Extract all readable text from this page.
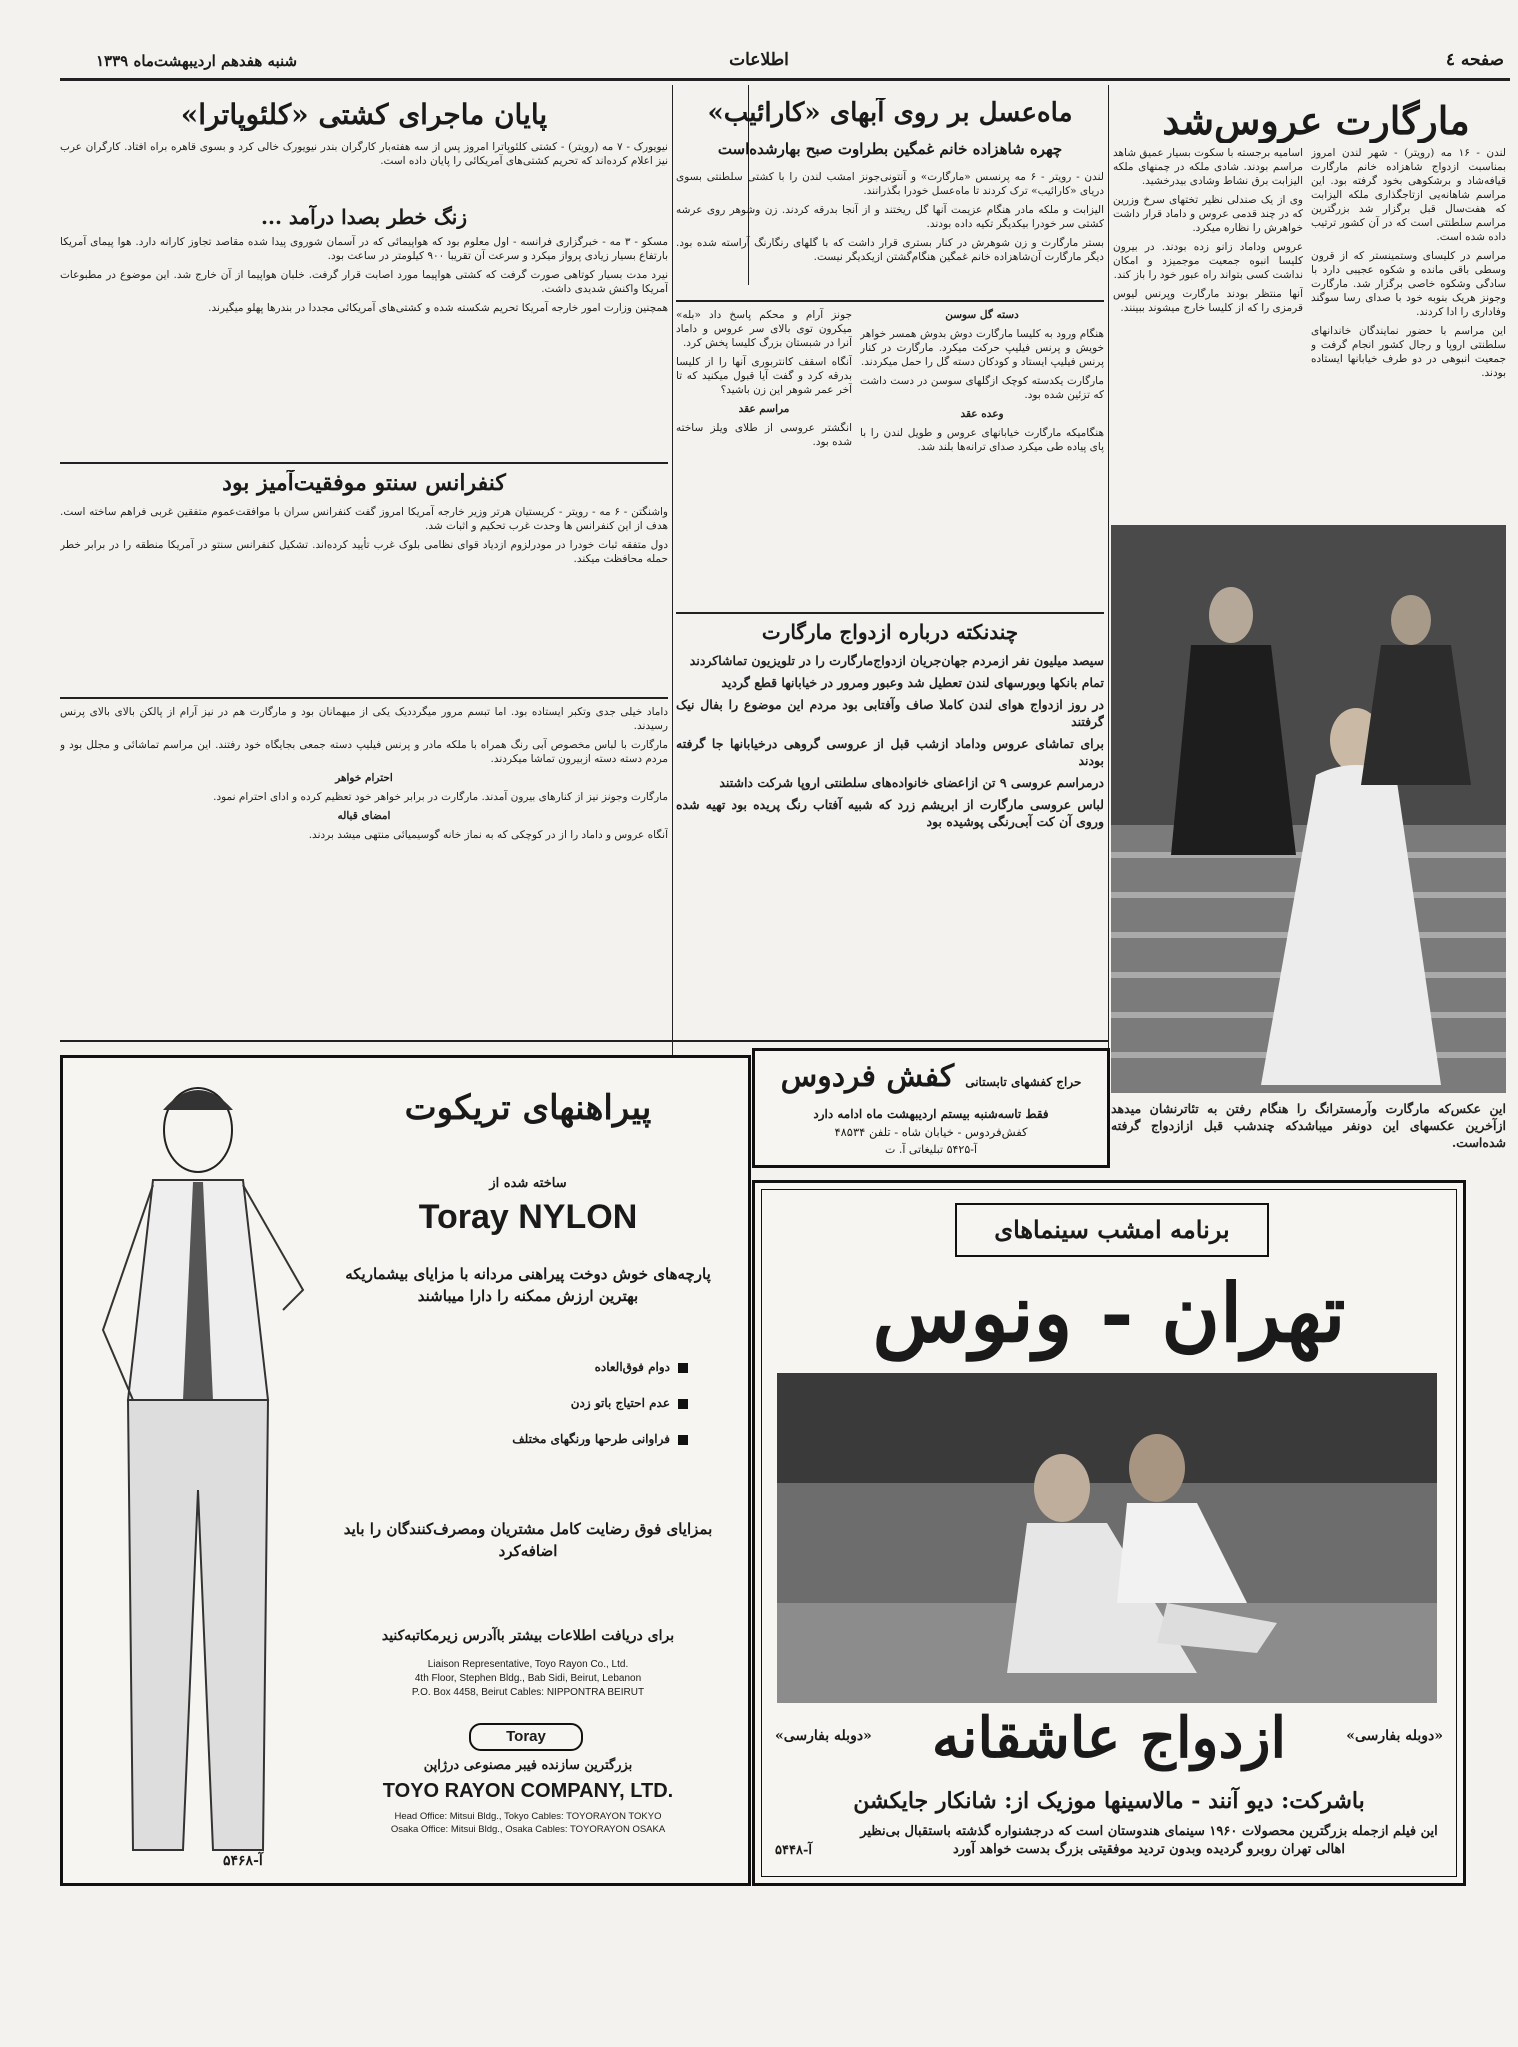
صفحه ٤
اطلاعات
شنبه هفدهم اردیبهشت‌ماه ۱۳۳۹
مارگارت عروس‌شد

لندن - ۱۶ مه (رویتر) - شهر لندن امروز بمناسبت ازدواج شاهزاده خانم مارگارت قیافه‌شاد و برشکوهی بخود گرفته بود. این مراسم شاهانه‌یی ازتاجگذاری ملکه الیزابت که هفت‌سال قبل برگزار شد بزرگترین مراسم سلطنتی است که در آن کشور ترتیب داده شده است.

مراسم در کلیسای وستمینستر که از قرون وسطی باقی مانده و شکوه عجیبی دارد با سادگی وشکوه خاصی برگزار شد. مارگارت وجونز هریک بنوبه خود با صدای رسا سوگند وفاداری را ادا کردند.

این مراسم با حضور نمایندگان خاندانهای سلطنتی اروپا و رجال کشور انجام گرفت و جمعیت انبوهی در دو طرف خیابانها ایستاده بودند.

اسامیه برجسته با سکوت بسیار عمیق شاهد مراسم بودند. شادی ملکه در چمنهای ملکه الیزابت برق نشاط وشادی بیدرخشید.

وی از یک صندلی نظیر تختهای سرخ وزرین که در چند قدمی عروس و داماد قرار داشت خواهرش را نظاره میکرد.

عروس وداماد زانو زده بودند. در بیرون کلیسا انبوه جمعیت موجمیزد و امکان نداشت کسی بتواند راه عبور خود را باز کند.

آنها منتظر بودند مارگارت وپرنس لیوس قرمزی را که از کلیسا خارج میشوند ببینند.

این عکس‌که مارگارت وآرمسترانگ را هنگام رفتن به تئاترنشان میدهد ازآخرین عکسهای این دونفر میباشدکه چندشب قبل ازازدواج گرفته شده‌است.
ماه‌عسل بر روی آبهای «کارائیب»
چهره شاهزاده خانم غمگین بطراوت صبح بهارشده‌است

لندن - رویتر - ۶ مه پرنسس «مارگارت» و آنتونی‌جونز امشب لندن را با کشتی سلطنتی بسوی دریای «کارائیب» ترک کردند تا ماه‌عسل خودرا بگذرانند.

الیزابت و ملکه مادر هنگام عزیمت آنها گل ریختند و از آنجا بدرقه کردند. زن وشوهر روی عرشه کشتی سر خودرا بیکدیگر تکیه داده بودند.

بستر مارگارت و زن شوهرش در کنار بستری قرار داشت که با گلهای رنگارنگ آراسته شده بود. دیگر مارگارت آن‌شاهزاده خانم غمگین هنگام‌گشتن ازیکدیگر نیست.

دسته گل سوسن

هنگام ورود به کلیسا مارگارت دوش بدوش همسر خواهر خویش و پرنس فیلیپ حرکت میکرد. مارگارت در کنار پرنس فیلیپ ایستاد و کودکان دسته گل را حمل میکردند.

مارگارت یکدسته کوچک ازگلهای سوسن در دست داشت که تزئین شده بود.

وعده عقد

هنگامیکه مارگارت خیابانهای عروس و طویل لندن را با پای پیاده طی میکرد صدای ترانه‌ها بلند شد.

جونز آرام و محکم پاسخ داد «بله» میکرون توی بالای سر عروس و داماد آنرا در شبستان بزرگ کلیسا پخش کرد.

آنگاه اسقف کانتربوری آنها را از کلیسا بدرقه کرد و گفت آیا قبول میکنید که تا آخر عمر شوهر این زن باشید؟

مراسم عقد

انگشتر عروسی از طلای ویلز ساخته شده بود.

چندنکته درباره ازدواج مارگارت

سیصد میلیون نفر ازمردم جهان‌جریان ازدواج‌مارگارت را در تلویزیون تماشاکردند

تمام بانکها وبورسهای لندن تعطیل شد وعبور ومرور در خیابانها قطع گردید

در روز ازدواج هوای لندن کاملا صاف وآفتابی بود مردم این موضوع را بفال نیک گرفتند

برای تماشای عروس وداماد ازشب قبل از عروسی گروهی درخیابانها جا گرفته بودند

درمراسم عروسی ۹ تن ازاعضای خانواده‌های سلطنتی اروپا شرکت داشتند

لباس عروسی مارگارت از ابریشم زرد که شبیه آفتاب رنگ پریده بود تهیه شده وروی آن کت آبی‌رنگی پوشیده بود

پایان ماجرای کشتی «کلئوپاترا»

نیویورک - ۷ مه (رویتر) - کشتی کلئوپاترا امروز پس از سه هفته‌بار کارگران بندر نیویورک خالی کرد و بسوی قاهره براه افتاد. کارگران عرب نیز اعلام کرده‌اند که تحریم کشتی‌های آمریکائی را پایان داده است.

زنگ خطر بصدا درآمد ...

مسکو - ۳ مه - خبرگزاری فرانسه - اول معلوم بود که هواپیمائی که در آسمان شوروی پیدا شده مقاصد تجاوز کارانه دارد. هوا پیمای آمریکا بارتفاع بسیار زیادی پرواز میکرد و سرعت آن تقریبا ۹۰۰ کیلومتر در ساعت بود.

نیرد مدت بسیار کوتاهی صورت گرفت که کشتی هواپیما مورد اصابت قرار گرفت. خلبان هواپیما از آن خارج شد. این موضوع در مطبوعات آمریکا واکنش شدیدی داشت.

همچنین وزارت امور خارجه آمریکا تحریم شکسته شده و کشتی‌های آمریکائی مجددا در بندرها پهلو میگیرند.

کنفرانس سنتو موفقیت‌آمیز بود

واشنگتن - ۶ مه - رویتر - کریستیان هرتر وزیر خارجه آمریکا امروز گفت کنفرانس سران با موافقت‌عموم متفقین غربی فراهم ساخته است. هدف از این کنفرانس ها وحدت غرب تحکیم و اثبات شد.

دول متفقه ثبات خودرا در مودرلزوم ازدیاد قوای نظامی بلوک غرب تأیید کرده‌اند. تشکیل کنفرانس سنتو در آمریکا منطقه را در برابر خطر حمله محافظت میکند.

داماد خیلی جدی وتکبر ایستاده بود. اما تبسم مرور میگرددیک یکی از میهمانان بود و مارگارت هم در نیز آرام از پالکن بالای بالای پرنس رسیدند.

مارگارت با لباس مخصوص آبی رنگ همراه با ملکه مادر و پرنس فیلیپ دسته جمعی بجایگاه خود رفتند. این مراسم تماشائی و مجلل بود و مردم دسته دسته ازبیرون تماشا میکردند.

احترام خواهر

مارگارت وجونز نیز از کنارهای بیرون آمدند. مارگارت در برابر خواهر خود تعظیم کرده و ادای احترام نمود.

امضای قباله

آنگاه عروس و داماد را از در کوچکی که به نماز خانه گوسیمیائی منتهی میشد بردند.

حراج کفشهای تابستانی کفش فردوس
فقط تاسه‌شنبه بیستم اردیبهشت ماه ادامه دارد
کفش‌فردوس - خیابان شاه - تلفن ۴۸۵۳۴
آ-۵۴۲۵ تبلیغاتی آ. ت
پیراهنهای تریکوت
ساخته شده از
Toray NYLON
پارچه‌های خوش دوخت پیراهنی مردانه با مزایای بیشماریکه بهترین ارزش ممکنه را دارا میباشند
دوام فوق‌العاده
عدم احتیاج باتو زدن
فراوانی طرحها ورنگهای مختلف
بمزایای فوق رضایت کامل مشتریان ومصرف‌کنندگان را باید اضافه‌کرد
برای دریافت اطلاعات بیشتر باآدرس زیرمکاتبه‌کنید
Liaison Representative, Toyo Rayon Co., Ltd.
4th Floor, Stephen Bldg., Bab Sidi, Beirut, Lebanon
P.O. Box 4458, Beirut Cables: NIPPONTRA BEIRUT
Toray
بزرگترین سازنده فیبر مصنوعی درژاپن
TOYO RAYON COMPANY, LTD.
Head Office: Mitsui Bldg., Tokyo Cables: TOYORAYON TOKYO
Osaka Office: Mitsui Bldg., Osaka Cables: TOYORAYON OSAKA
آ-۵۴۶۸
برنامه امشب سینماهای
تهران - ونوس
«دوبله بفارسی»
«دوبله بفارسی»	ازدواج عاشقانه
باشرکت: دیو آنند - مالاسینها موزیک از: شانکار جایکشن
این فیلم ازجمله بزرگترین محصولات ۱۹۶۰ سینمای هندوستان است که درجشنواره گذشته باستقبال بی‌نظیر اهالی تهران روبرو گردیده وبدون تردید موفقیتی بزرگ بدست خواهد آورد
آ-۵۴۴۸
